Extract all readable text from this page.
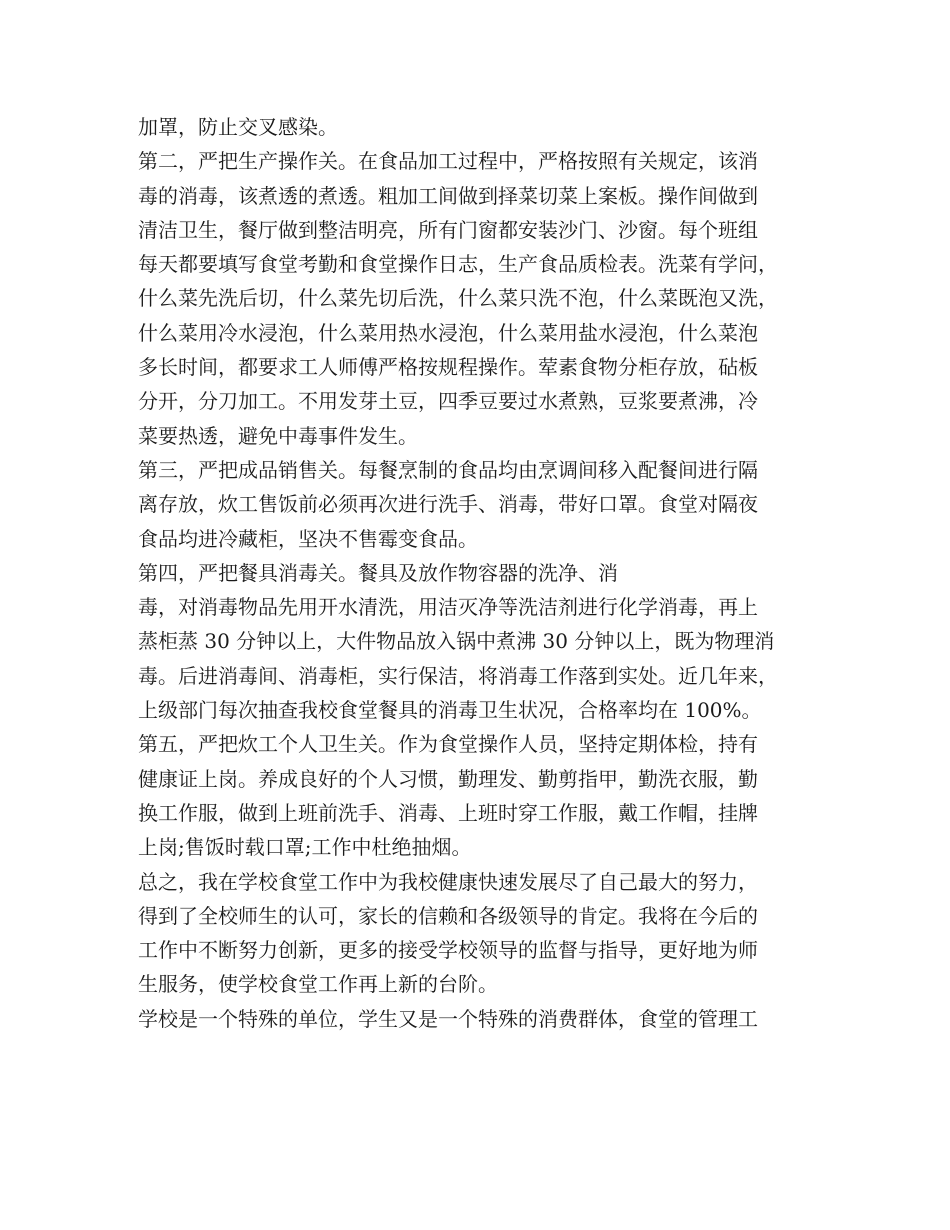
加罩，防止交叉感染。
第二，严把生产操作关。在食品加工过程中，严格按照有关规定，该消
毒的消毒，该煮透的煮透。粗加工间做到择菜切菜上案板。操作间做到
清洁卫生，餐厅做到整洁明亮，所有门窗都安装沙门、沙窗。每个班组
每天都要填写食堂考勤和食堂操作日志，生产食品质检表。洗菜有学问，
什么菜先洗后切，什么菜先切后洗，什么菜只洗不泡，什么菜既泡又洗，
什么菜用冷水浸泡，什么菜用热水浸泡，什么菜用盐水浸泡，什么菜泡
多长时间，都要求工人师傅严格按规程操作。荤素食物分柜存放，砧板
分开，分刀加工。不用发芽土豆，四季豆要过水煮熟，豆浆要煮沸，冷
菜要热透，避免中毒事件发生。
第三，严把成品销售关。每餐烹制的食品均由烹调间移入配餐间进行隔
离存放，炊工售饭前必须再次进行洗手、消毒，带好口罩。食堂对隔夜
食品均进冷藏柜，坚决不售霉变食品。
第四，严把餐具消毒关。餐具及放作物容器的洗净、消
毒，对消毒物品先用开水清洗，用洁灭净等洗洁剂进行化学消毒，再上
蒸柜蒸 30 分钟以上，大件物品放入锅中煮沸 30 分钟以上，既为物理消
毒。后进消毒间、消毒柜，实行保洁，将消毒工作落到实处。近几年来，
上级部门每次抽查我校食堂餐具的消毒卫生状况，合格率均在 100%。
第五，严把炊工个人卫生关。作为食堂操作人员，坚持定期体检，持有
健康证上岗。养成良好的个人习惯，勤理发、勤剪指甲，勤洗衣服，勤
换工作服，做到上班前洗手、消毒、上班时穿工作服，戴工作帽，挂牌
上岗;售饭时载口罩;工作中杜绝抽烟。
总之，我在学校食堂工作中为我校健康快速发展尽了自己最大的努力，
得到了全校师生的认可，家长的信赖和各级领导的肯定。我将在今后的
工作中不断努力创新，更多的接受学校领导的监督与指导，更好地为师
生服务，使学校食堂工作再上新的台阶。
学校是一个特殊的单位，学生又是一个特殊的消费群体，食堂的管理工
